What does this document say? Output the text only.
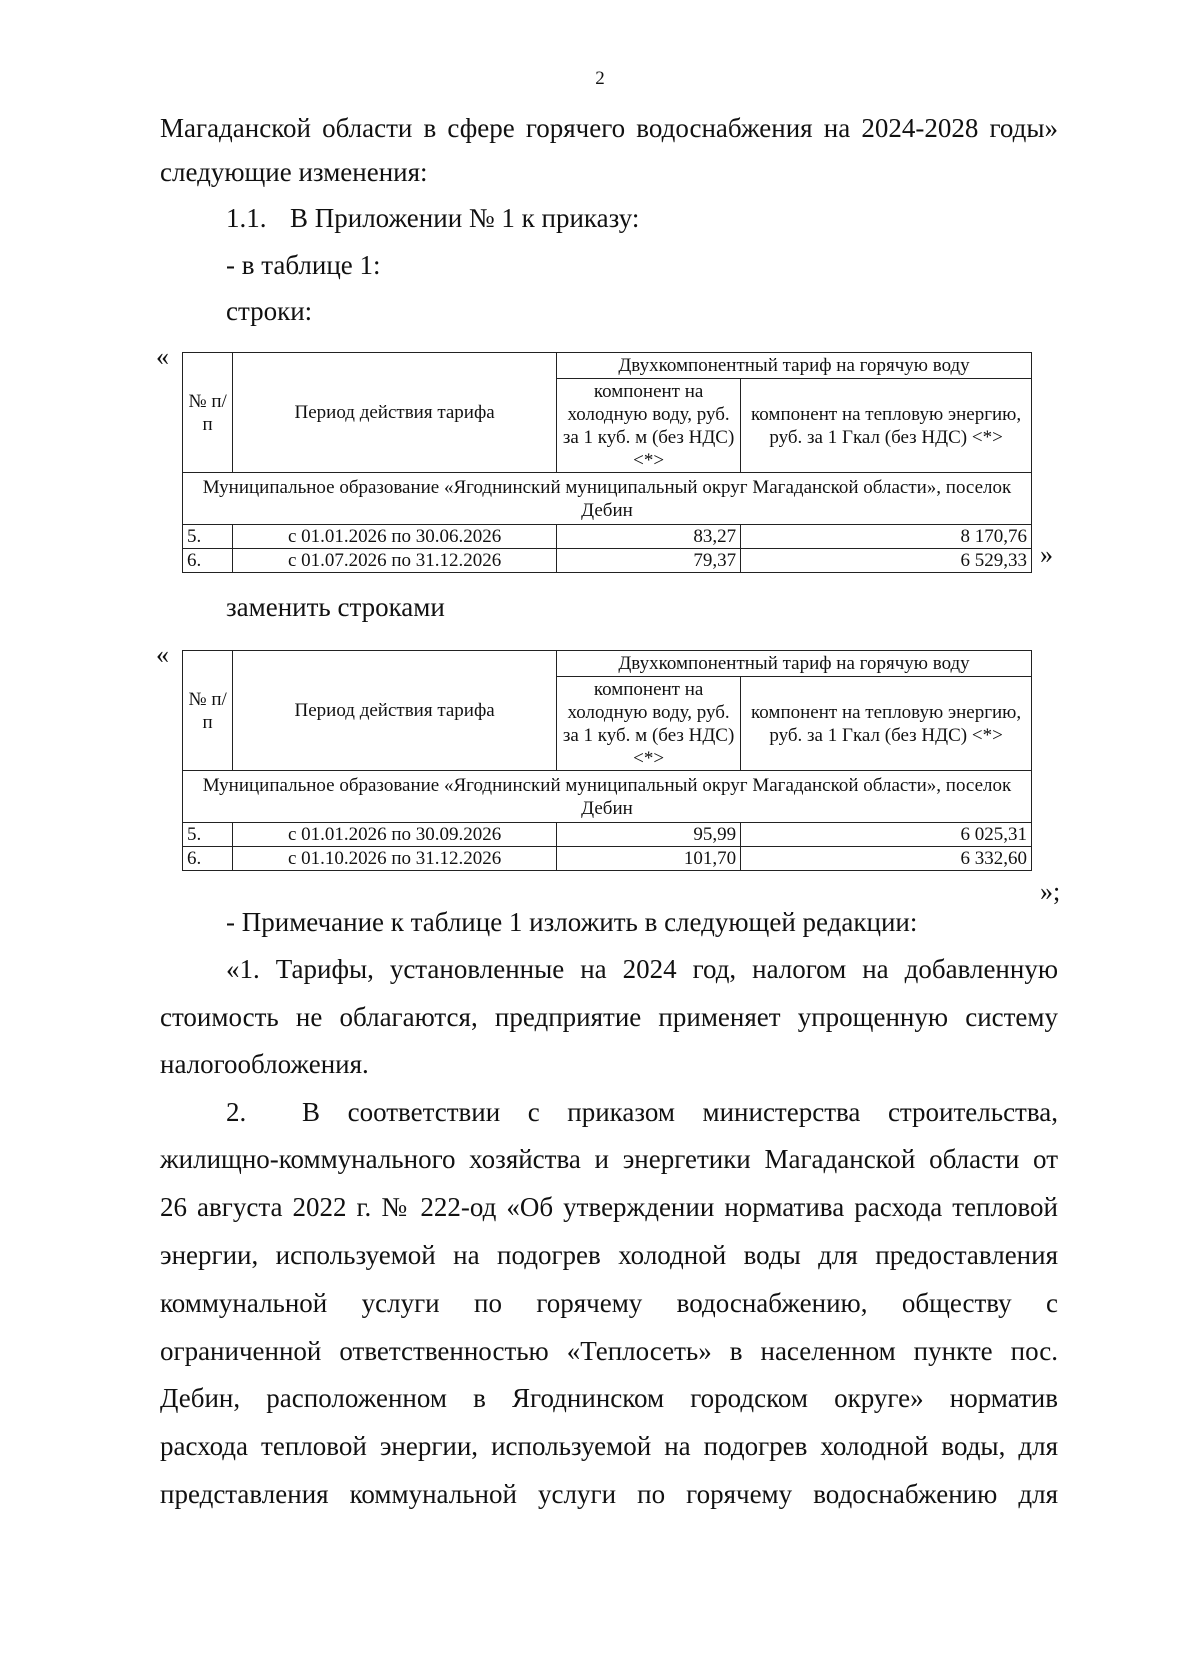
2
Магаданской области в сфере горячего водоснабжения на 2024-2028 годы»
следующие изменения:
1.1. В Приложении № 1 к приказу:
- в таблице 1:
строки:
«
№ п/п	Период действия тарифа	Двухкомпонентный тариф на горячую воду	
		компонент на холодную воду, руб. за 1 куб. м (без НДС) <*>	компонент на тепловую энергию, руб. за 1 Гкал (без НДС) <*>
Муниципальное образование «Ягоднинский муниципальный округ Магаданской области», поселок Дебин			
5.	с 01.01.2026 по 30.06.2026	83,27	8 170,76
6.	с 01.07.2026 по 31.12.2026	79,37	6 529,33 »
заменить строками
«
№ п/п	Период действия тарифа	Двухкомпонентный тариф на горячую воду	
		компонент на холодную воду, руб. за 1 куб. м (без НДС) <*>	компонент на тепловую энергию, руб. за 1 Гкал (без НДС) <*>
Муниципальное образование «Ягоднинский муниципальный округ Магаданской области», поселок Дебин			
5.	с 01.01.2026 по 30.09.2026	95,99	6 025,31
6.	с 01.10.2026 по 31.12.2026	101,70	6 332,60
»;
- Примечание к таблице 1 изложить в следующей редакции:
«1. Тарифы, установленные на 2024 год, налогом на добавленную
стоимость не облагаются, предприятие применяет упрощенную систему
налогообложения.
2. В соответствии с приказом министерства строительства,
жилищно-коммунального хозяйства и энергетики Магаданской области от
26 августа 2022 г. № 222-од «Об утверждении норматива расхода тепловой
энергии, используемой на подогрев холодной воды для предоставления
коммунальной услуги по горячему водоснабжению, обществу с
ограниченной ответственностью «Теплосеть» в населенном пункте пос.
Дебин, расположенном в Ягоднинском городском округе» норматив
расхода тепловой энергии, используемой на подогрев холодной воды, для
представления коммунальной услуги по горячему водоснабжению для
